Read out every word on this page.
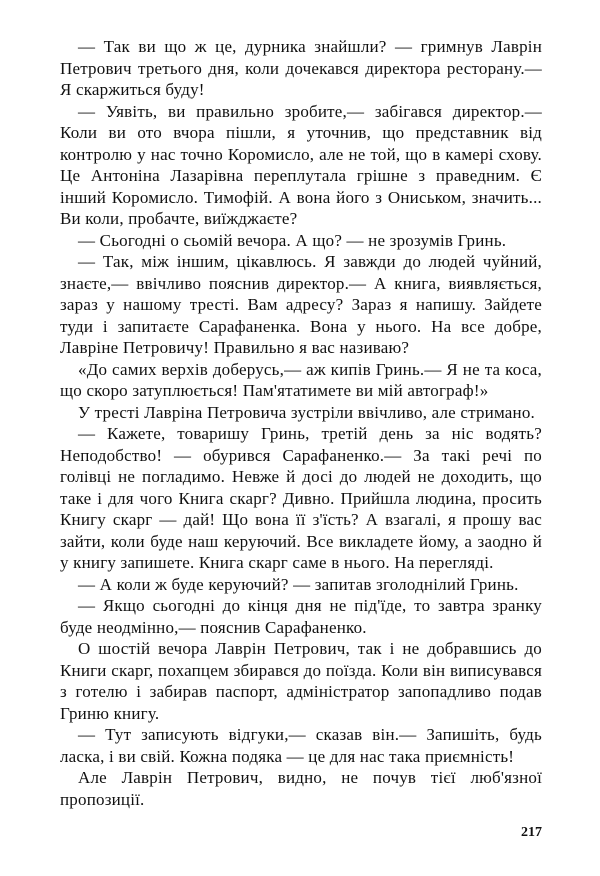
— Так ви що ж це, дурника знайшли? — гримнув Лаврін Петрович третього дня, коли дочекався директора ресторану.— Я скаржиться буду!

— Уявіть, ви правильно зробите,— забігався директор.— Коли ви ото вчора пішли, я уточнив, що представник від контролю у нас точно Коромисло, але не той, що в камері схову. Це Антоніна Лазарівна переплутала грішне з праведним. Є інший Коромисло. Тимофій. А вона його з Ониськом, значить... Ви коли, пробачте, виїжджаєте?

— Сьогодні о сьомій вечора. А що? — не зрозумів Гринь.

— Так, між іншим, цікавлюсь. Я завжди до людей чуйний, знаєте,— ввічливо пояснив директор.— А книга, виявляється, зараз у нашому тресті. Вам адресу? Зараз я напишу. Зайдете туди і запитаєте Сарафаненка. Вона у нього. На все добре, Лавріне Петровичу! Правильно я вас називаю?

«До самих верхів доберусь,— аж кипів Гринь.— Я не та коса, що скоро затуплюється! Пам'ятатимете ви мій автограф!»

У тресті Лавріна Петровича зустріли ввічливо, але стримано.

— Кажете, товаришу Гринь, третій день за ніс водять? Неподобство! — обурився Сарафаненко.— За такі речі по голівці не погладимо. Невже й досі до людей не доходить, що таке і для чого Книга скарг? Дивно. Прийшла людина, просить Книгу скарг — дай! Що вона її з'їсть? А взагалі, я прошу вас зайти, коли буде наш керуючий. Все викладете йому, а заодно й у книгу запишете. Книга скарг саме в нього. На перегляді.

— А коли ж буде керуючий? — запитав зголоднілий Гринь.

— Якщо сьогодні до кінця дня не під'їде, то завтра зранку буде неодмінно,— пояснив Сарафаненко.

О шостій вечора Лаврін Петрович, так і не добравшись до Книги скарг, похапцем збирався до поїзда. Коли він виписувався з готелю і забирав паспорт, адміністратор запопадливо подав Гриню книгу.

— Тут записують відгуки,— сказав він.— Запишіть, будь ласка, і ви свій. Кожна подяка — це для нас така приємність!

Але Лаврін Петрович, видно, не почув тієї люб'язної пропозиції.

217
